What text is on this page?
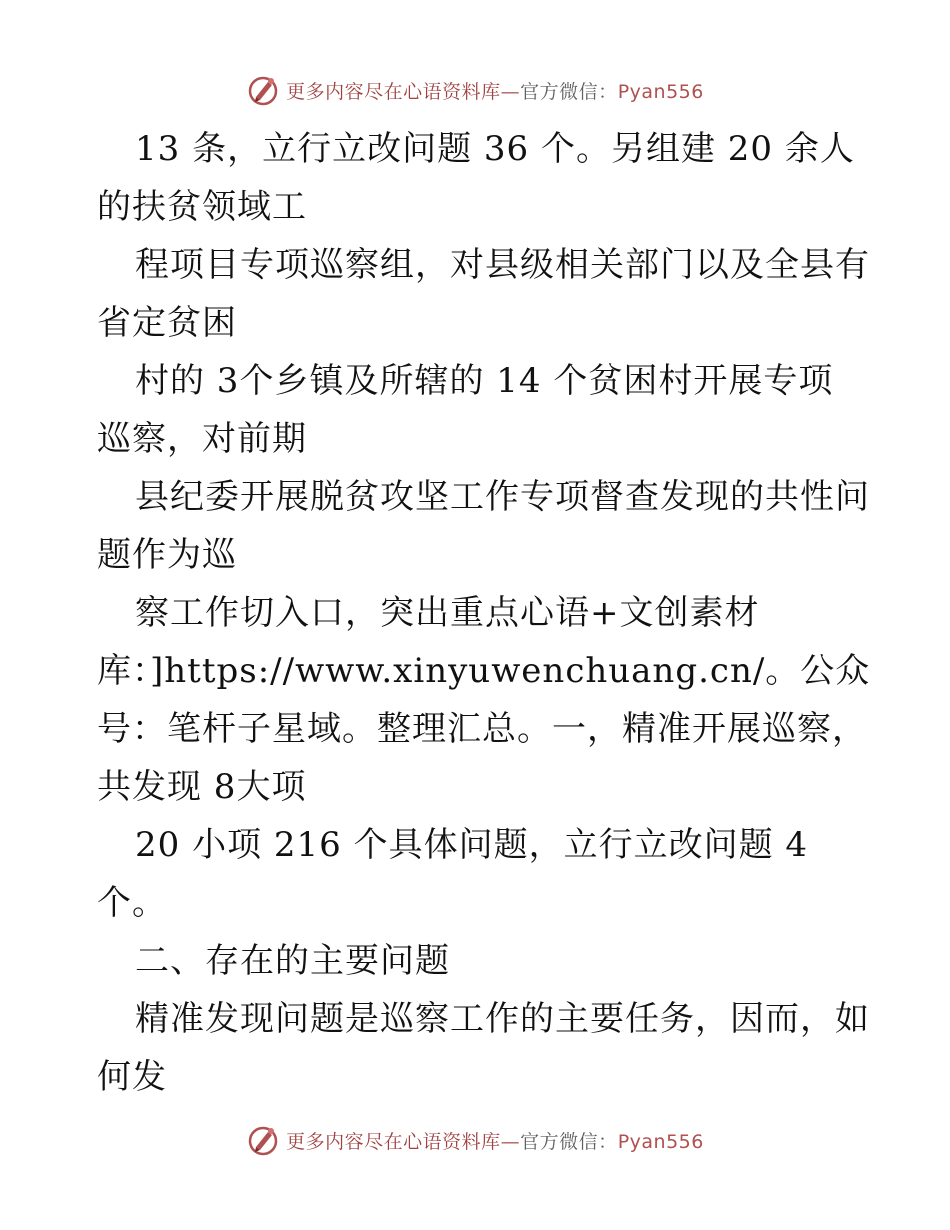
更多内容尽在心语资料库—官方微信：Pyan556
13 条，立行立改问题 36 个。另组建 20 余人
的扶贫领域工
程项目专项巡察组，对县级相关部门以及全县有
省定贫困
村的 3个乡镇及所辖的 14 个贫困村开展专项
巡察，对前期
县纪委开展脱贫攻坚工作专项督查发现的共性问
题作为巡
察工作切入口，突出重点心语+文创素材
库：]https://www.xinyuwenchuang.cn/。公众
号：笔杆子星域。整理汇总。一，精准开展巡察，
共发现 8大项
20 小项 216 个具体问题，立行立改问题 4
个。
二、存在的主要问题
精准发现问题是巡察工作的主要任务，因而，如
何发
更多内容尽在心语资料库—官方微信：Pyan556
